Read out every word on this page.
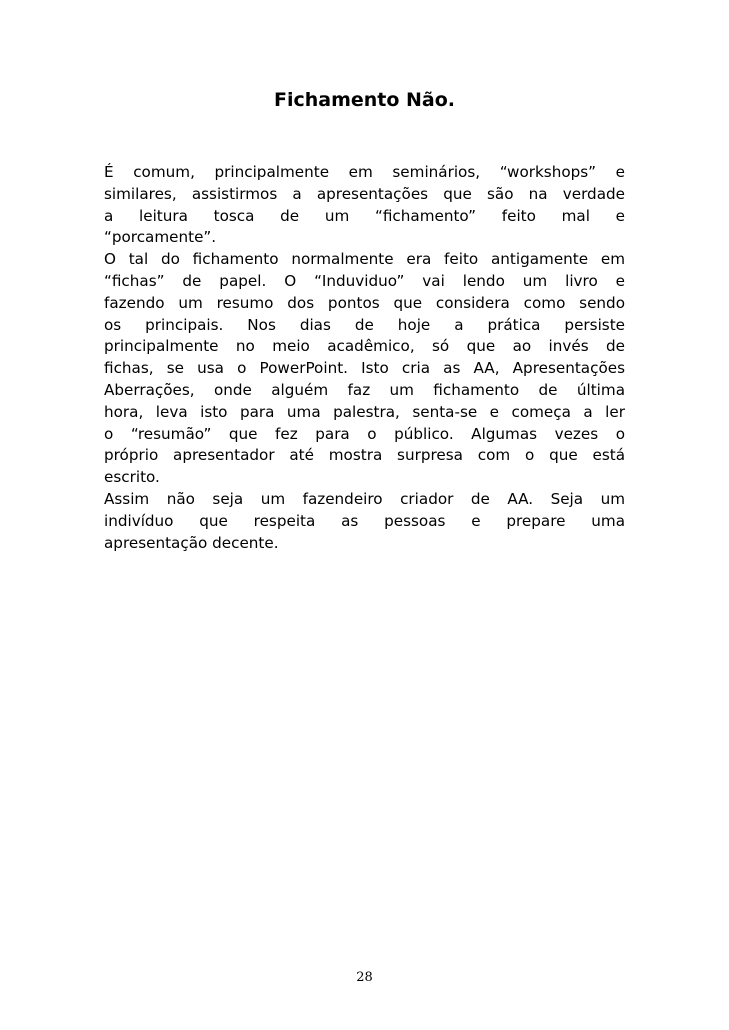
Fichamento Não.
É comum, principalmente em seminários, “workshops” e
similares, assistirmos a apresentações que são na verdade
a leitura tosca de um “fichamento” feito mal e
“porcamente”.
O tal do fichamento normalmente era feito antigamente em
“fichas” de papel. O “Induviduo” vai lendo um livro e
fazendo um resumo dos pontos que considera como sendo
os principais. Nos dias de hoje a prática persiste
principalmente no meio acadêmico, só que ao invés de
fichas, se usa o PowerPoint. Isto cria as AA, Apresentações
Aberrações, onde alguém faz um fichamento de última
hora, leva isto para uma palestra, senta-se e começa a ler
o “resumão” que fez para o público. Algumas vezes o
próprio apresentador até mostra surpresa com o que está
escrito.
Assim não seja um fazendeiro criador de AA. Seja um
indivíduo que respeita as pessoas e prepare uma
apresentação decente.

28
